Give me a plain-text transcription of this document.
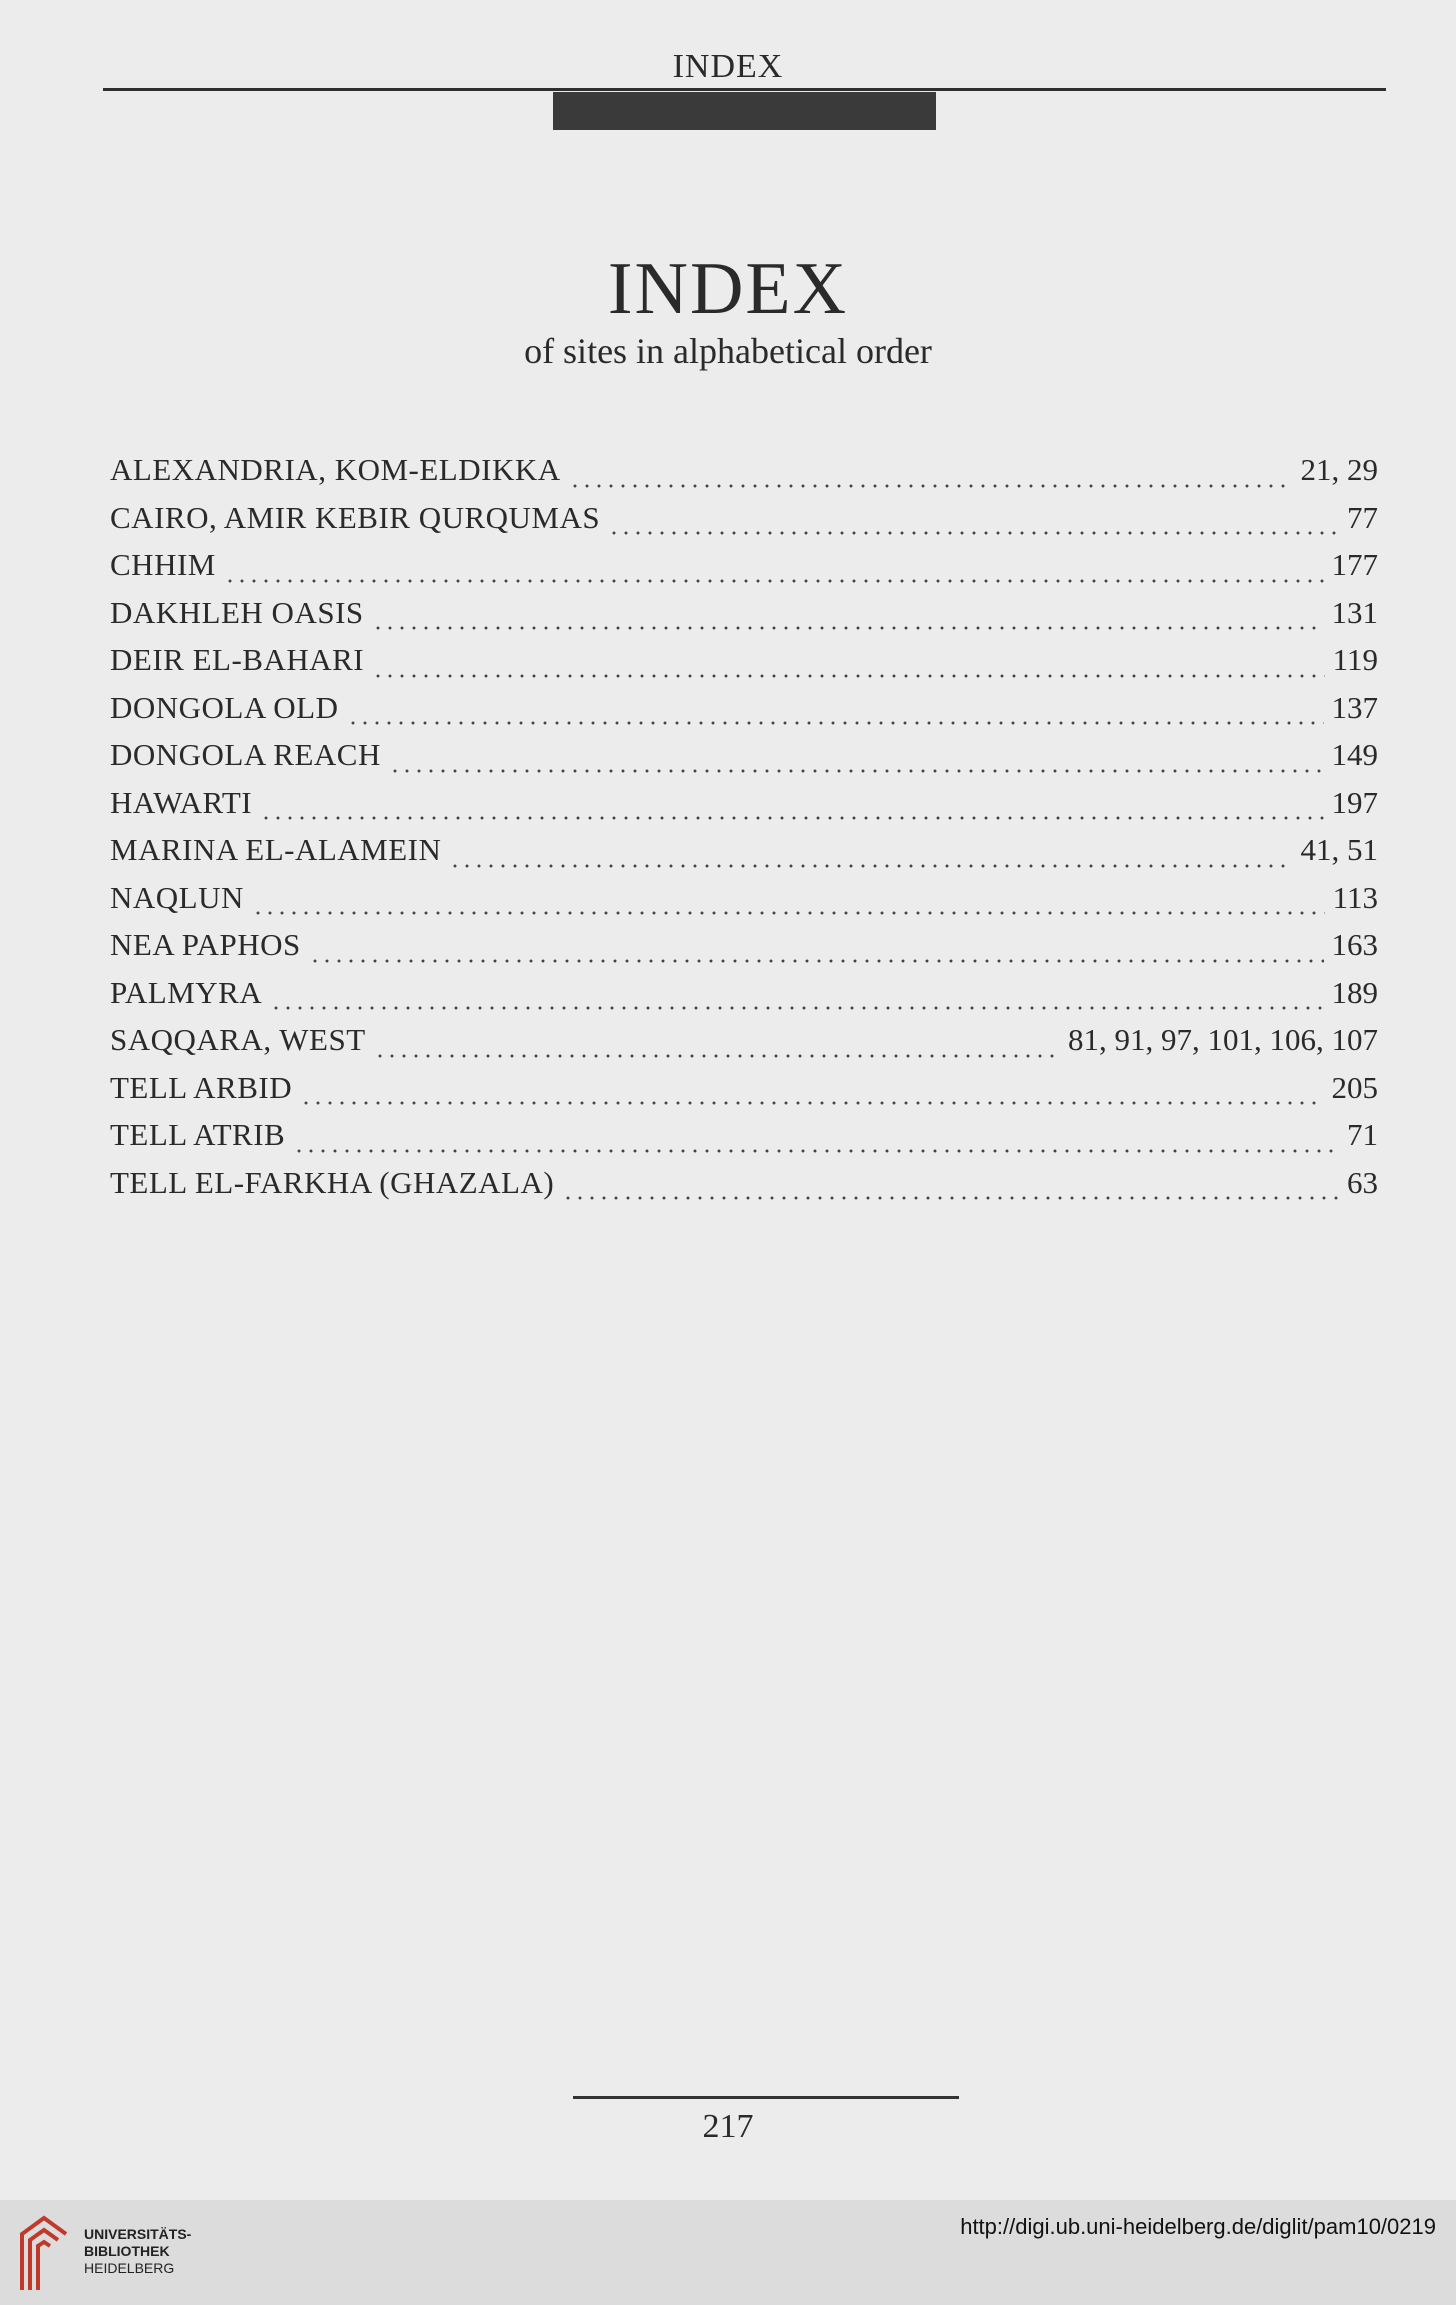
INDEX
INDEX
of sites in alphabetical order
ALEXANDRIA, KOM-ELDIKKA	21, 29
CAIRO, AMIR KEBIR QURQUMAS	77
CHHIM	177
DAKHLEH OASIS	131
DEIR EL-BAHARI	119
DONGOLA OLD	137
DONGOLA REACH	149
HAWARTI	197
MARINA EL-ALAMEIN	41, 51
NAQLUN	113
NEA PAPHOS	163
PALMYRA	189
SAQQARA, WEST	81, 91, 97, 101, 106, 107
TELL ARBID	205
TELL ATRIB	71
TELL EL-FARKHA (GHAZALA)	63
217
UNIVERSITÄTS-
BIBLIOTHEK
HEIDELBERG
http://digi.ub.uni-heidelberg.de/diglit/pam10/0219
